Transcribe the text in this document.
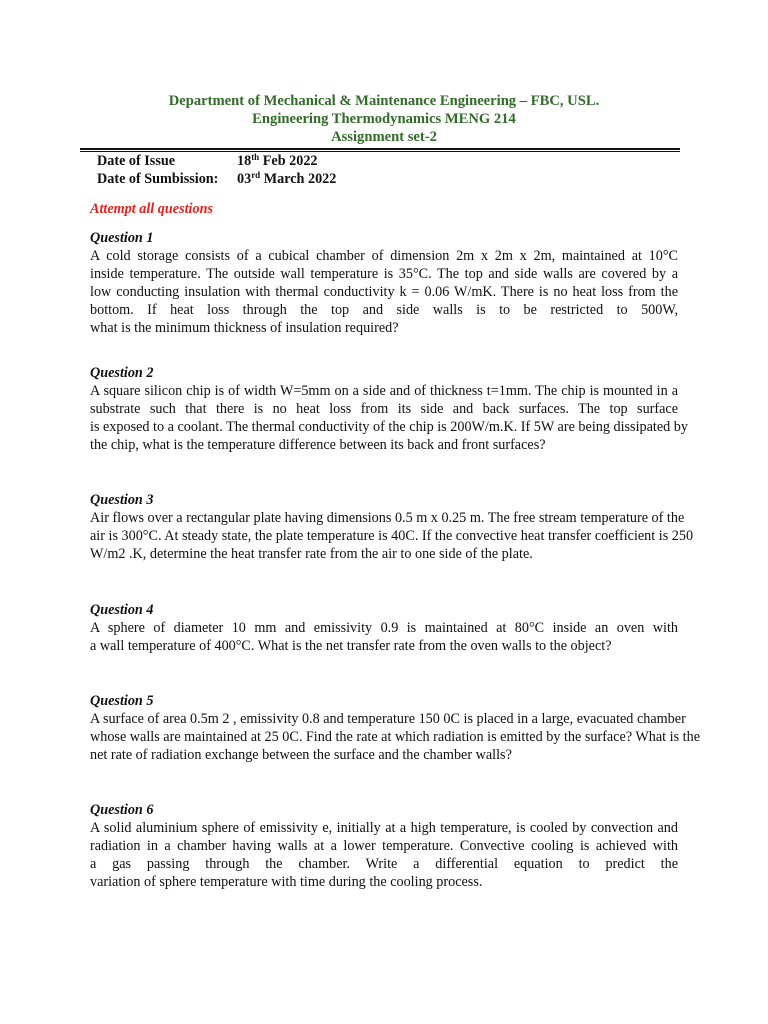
Department of Mechanical & Maintenance Engineering – FBC, USL.
Engineering Thermodynamics MENG 214
Assignment set-2
Date of Issue	18th Feb 2022
Date of Sumbission:	03rd March 2022
Attempt all questions
Question 1
A cold storage consists of a cubical chamber of dimension 2m x 2m x 2m, maintained at 10°C
inside temperature. The outside wall temperature is 35°C. The top and side walls are covered by a
low conducting insulation with thermal conductivity k = 0.06 W/mK. There is no heat loss from the
bottom. If heat loss through the top and side walls is to be restricted to 500W,
what is the minimum thickness of insulation required?
Question 2
A square silicon chip is of width W=5mm on a side and of thickness t=1mm. The chip is mounted in a
substrate such that there is no heat loss from its side and back surfaces. The top surface
is exposed to a coolant. The thermal conductivity of the chip is 200W/m.K. If 5W are being dissipated by
the chip, what is the temperature difference between its back and front surfaces?
Question 3
Air flows over a rectangular plate having dimensions 0.5 m x 0.25 m. The free stream temperature of the
air is 300°C. At steady state, the plate temperature is 40C. If the convective heat transfer coefficient is 250
W/m2 .K, determine the heat transfer rate from the air to one side of the plate.
Question 4
A sphere of diameter 10 mm and emissivity 0.9 is maintained at 80°C inside an oven with
a wall temperature of 400°C. What is the net transfer rate from the oven walls to the object?
Question 5
A surface of area 0.5m 2 , emissivity 0.8 and temperature 150 0C is placed in a large, evacuated chamber
whose walls are maintained at 25 0C. Find the rate at which radiation is emitted by the surface? What is the
net rate of radiation exchange between the surface and the chamber walls?
Question 6
A solid aluminium sphere of emissivity e, initially at a high temperature, is cooled by convection and
radiation in a chamber having walls at a lower temperature. Convective cooling is achieved with
a gas passing through the chamber. Write a differential equation to predict the
variation of sphere temperature with time during the cooling process.
